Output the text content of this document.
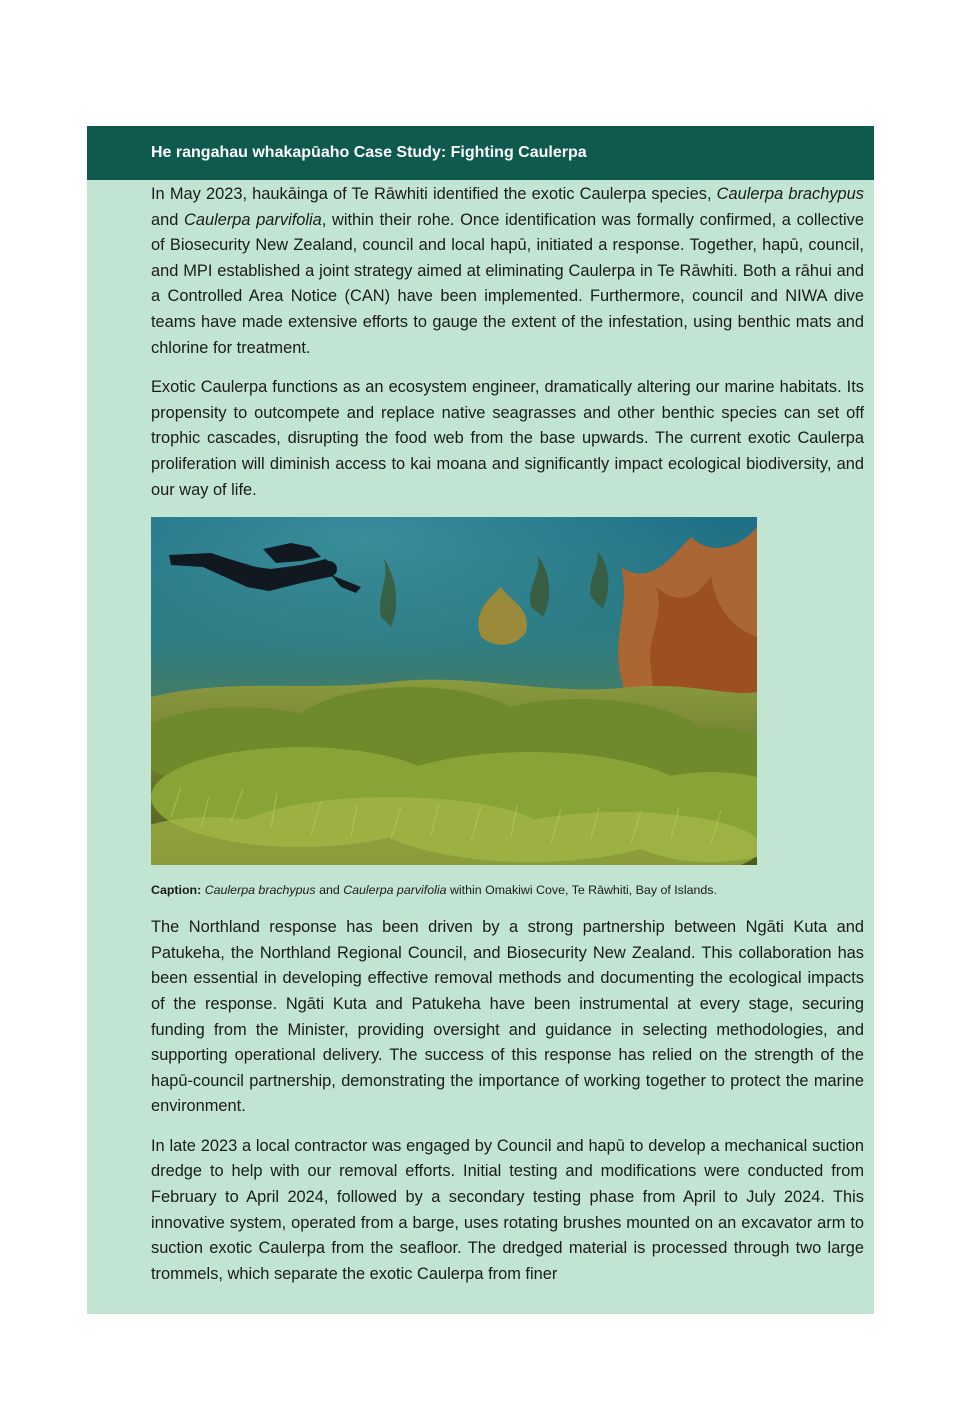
He rangahau whakapūaho Case Study: Fighting Caulerpa

In May 2023, haukāinga of Te Rāwhiti identified the exotic Caulerpa species, Caulerpa brachypus and Caulerpa parvifolia, within their rohe. Once identification was formally confirmed, a collective of Biosecurity New Zealand, council and local hapū, initiated a response. Together, hapū, council, and MPI established a joint strategy aimed at eliminating Caulerpa in Te Rāwhiti. Both a rāhui and a Controlled Area Notice (CAN) have been implemented. Furthermore, council and NIWA dive teams have made extensive efforts to gauge the extent of the infestation, using benthic mats and chlorine for treatment.

Exotic Caulerpa functions as an ecosystem engineer, dramatically altering our marine habitats. Its propensity to outcompete and replace native seagrasses and other benthic species can set off trophic cascades, disrupting the food web from the base upwards. The current exotic Caulerpa proliferation will diminish access to kai moana and significantly impact ecological biodiversity, and our way of life.

Caption: Caulerpa brachypus and Caulerpa parvifolia within Omakiwi Cove, Te Rāwhiti, Bay of Islands.

The Northland response has been driven by a strong partnership between Ngāti Kuta and Patukeha, the Northland Regional Council, and Biosecurity New Zealand. This collaboration has been essential in developing effective removal methods and documenting the ecological impacts of the response. Ngāti Kuta and Patukeha have been instrumental at every stage, securing funding from the Minister, providing oversight and guidance in selecting methodologies, and supporting operational delivery. The success of this response has relied on the strength of the hapū-council partnership, demonstrating the importance of working together to protect the marine environment.

In late 2023 a local contractor was engaged by Council and hapū to develop a mechanical suction dredge to help with our removal efforts. Initial testing and modifications were conducted from February to April 2024, followed by a secondary testing phase from April to July 2024. This innovative system, operated from a barge, uses rotating brushes mounted on an excavator arm to suction exotic Caulerpa from the seafloor. The dredged material is processed through two large trommels, which separate the exotic Caulerpa from finer
